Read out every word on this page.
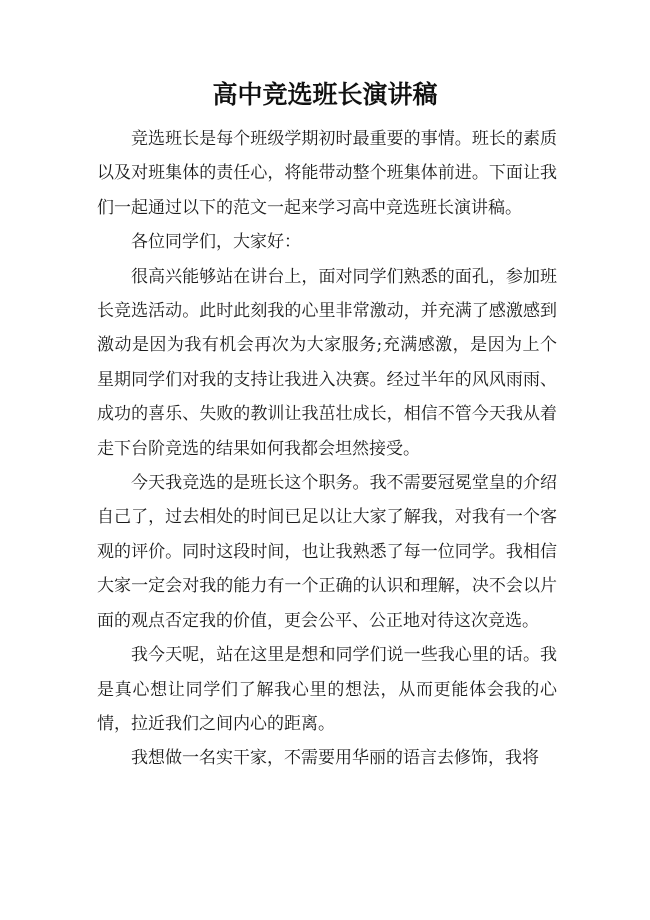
高中竞选班长演讲稿

竞选班长是每个班级学期初时最重要的事情。班长的素质以及对班集体的责任心，将能带动整个班集体前进。下面让我们一起通过以下的范文一起来学习高中竞选班长演讲稿。

各位同学们，大家好：

很高兴能够站在讲台上，面对同学们熟悉的面孔，参加班长竞选活动。此时此刻我的心里非常激动，并充满了感激感到激动是因为我有机会再次为大家服务;充满感激，是因为上个星期同学们对我的支持让我进入决赛。经过半年的风风雨雨、成功的喜乐、失败的教训让我茁壮成长，相信不管今天我从着走下台阶竞选的结果如何我都会坦然接受。

今天我竞选的是班长这个职务。我不需要冠冕堂皇的介绍自己了，过去相处的时间已足以让大家了解我，对我有一个客观的评价。同时这段时间，也让我熟悉了每一位同学。我相信大家一定会对我的能力有一个正确的认识和理解，决不会以片面的观点否定我的价值，更会公平、公正地对待这次竞选。

我今天呢，站在这里是想和同学们说一些我心里的话。我是真心想让同学们了解我心里的想法，从而更能体会我的心情，拉近我们之间内心的距离。

我想做一名实干家，不需要用华丽的语言去修饰，我将
